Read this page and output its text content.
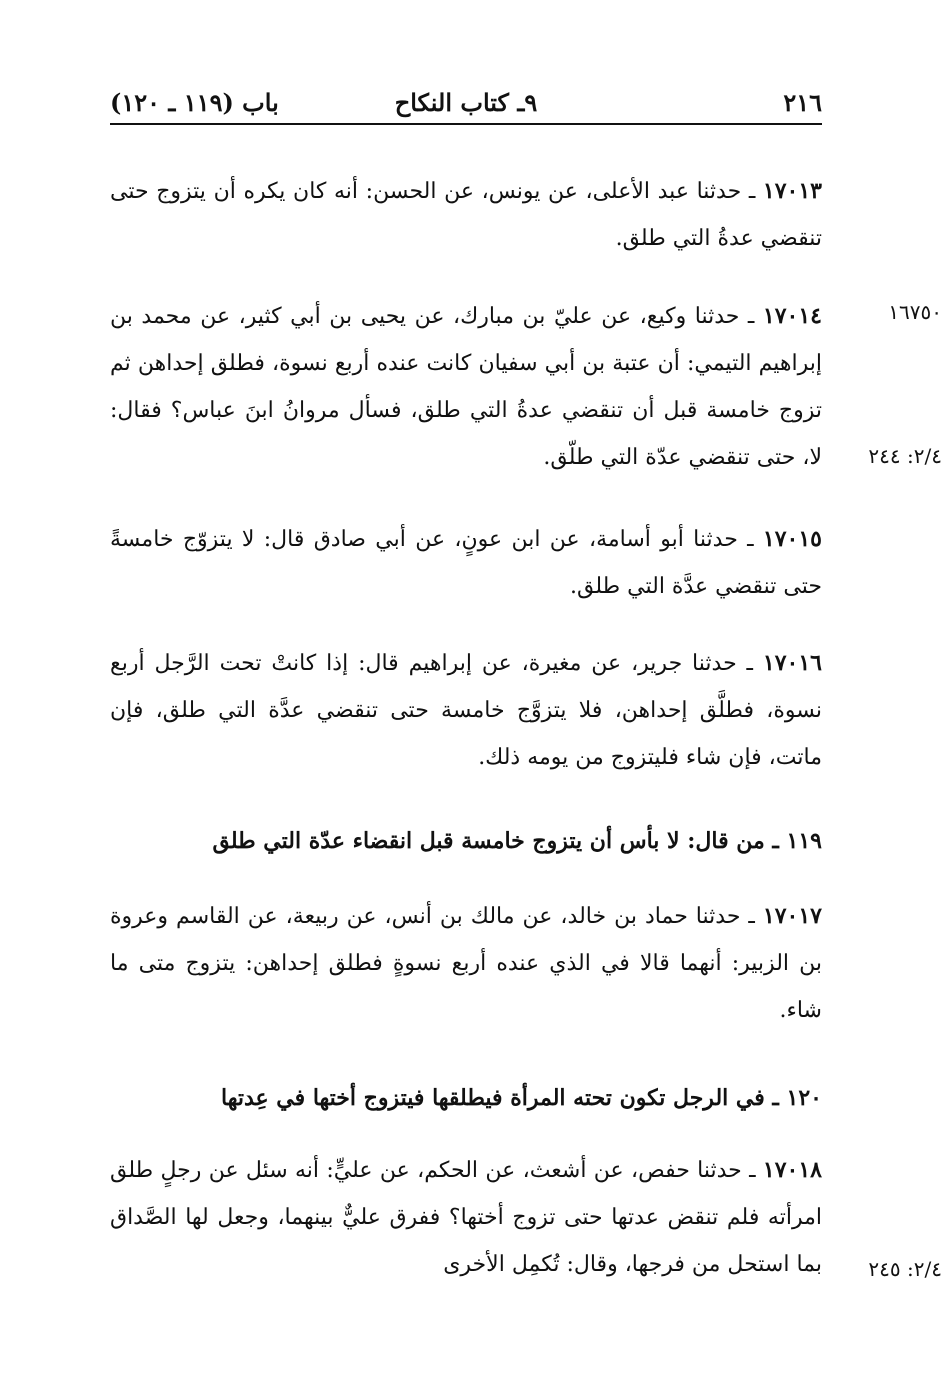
٢١٦
٩ـ كتاب النكاح
باب (١١٩ ـ ١٢٠)
١٧٠١٣ ـ حدثنا عبد الأعلى، عن يونس، عن الحسن: أنه كان يكره أن يتزوج حتى تنقضي عدةُ التي طلق.
١٧٠١٤ ـ حدثنا وكيع، عن عليّ بن مبارك، عن يحيى بن أبي كثير، عن محمد بن إبراهيم التيمي: أن عتبة بن أبي سفيان كانت عنده أربع نسوة، فطلق إحداهن ثم تزوج خامسة قبل أن تنقضي عدةُ التي طلق، فسأل مروانُ ابنَ عباس؟ فقال: لا، حتى تنقضي عدّة التي طلّق.
١٧٠١٥ ـ حدثنا أبو أسامة، عن ابن عونٍ، عن أبي صادق قال: لا يتزوّج خامسةً حتى تنقضي عدَّة التي طلق.
١٧٠١٦ ـ حدثنا جرير، عن مغيرة، عن إبراهيم قال: إذا كانتْ تحت الرَّجل أربع نسوة، فطلَّق إحداهن، فلا يتزوَّج خامسة حتى تنقضي عدَّة التي طلق، فإن ماتت، فإن شاء فليتزوج من يومه ذلك.
١١٩ ـ من قال: لا بأس أن يتزوج خامسة قبل انقضاء عدّة التي طلق
١٧٠١٧ ـ حدثنا حماد بن خالد، عن مالك بن أنس، عن ربيعة، عن القاسم وعروة بن الزبير: أنهما قالا في الذي عنده أربع نسوةٍ فطلق إحداهن: يتزوج متى ما شاء.
١٢٠ ـ في الرجل تكون تحته المرأة فيطلقها فيتزوج أختها في عِدتها
١٧٠١٨ ـ حدثنا حفص، عن أشعث، عن الحكم، عن عليٍّ: أنه سئل عن رجلٍ طلق امرأته فلم تنقض عدتها حتى تزوج أختها؟ ففرق عليٌّ بينهما، وجعل لها الصَّداق بما استحل من فرجها، وقال: تُكمِل الأخرى
١٦٧٥٠
٢/٤: ٢٤٤
٢/٤: ٢٤٥
